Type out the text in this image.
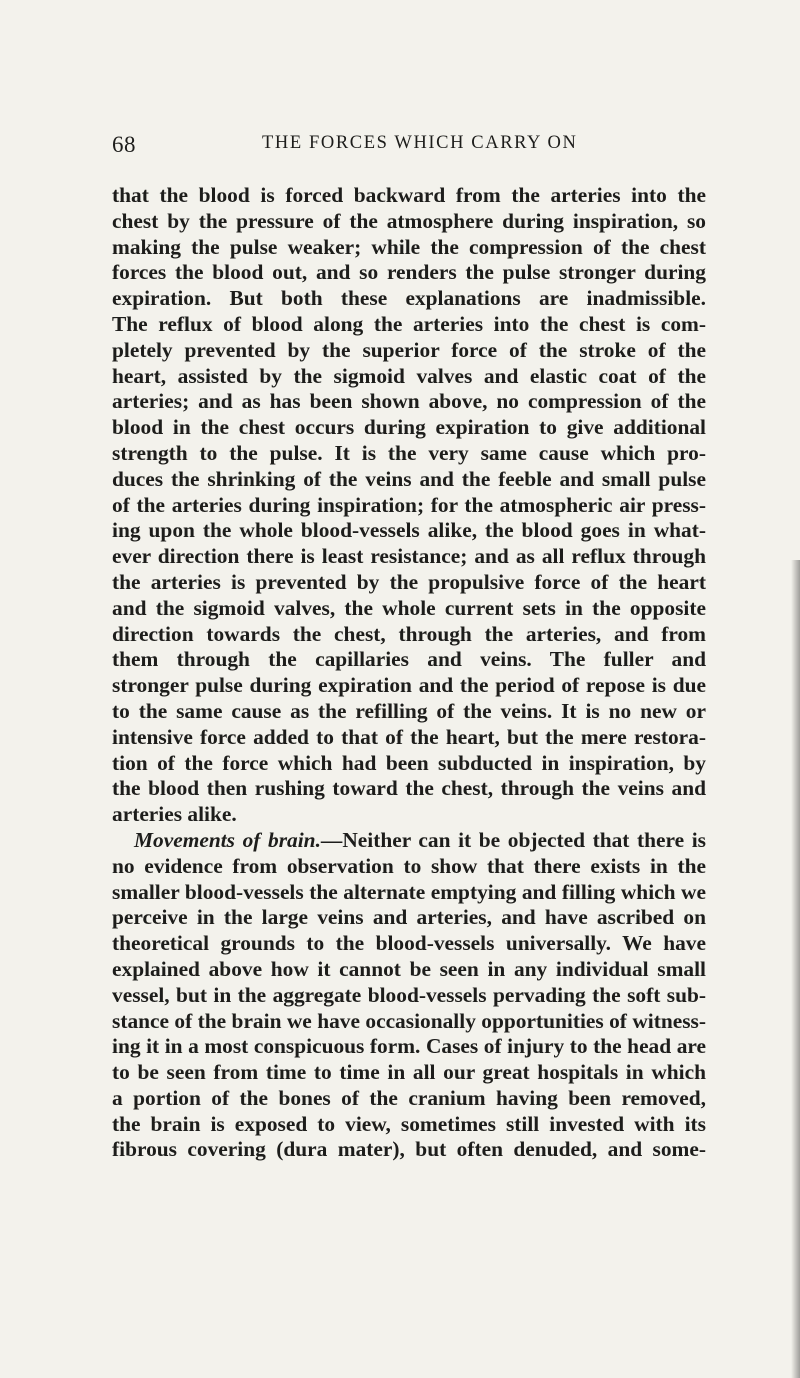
68	THE FORCES WHICH CARRY ON
that the blood is forced backward from the arteries into the
chest by the pressure of the atmosphere during inspiration, so
making the pulse weaker; while the compression of the chest
forces the blood out, and so renders the pulse stronger during
expiration. But both these explanations are inadmissible.
The reflux of blood along the arteries into the chest is com-
pletely prevented by the superior force of the stroke of the
heart, assisted by the sigmoid valves and elastic coat of the
arteries; and as has been shown above, no compression of the
blood in the chest occurs during expiration to give additional
strength to the pulse. It is the very same cause which pro-
duces the shrinking of the veins and the feeble and small pulse
of the arteries during inspiration; for the atmospheric air press-
ing upon the whole blood-vessels alike, the blood goes in what-
ever direction there is least resistance; and as all reflux through
the arteries is prevented by the propulsive force of the heart
and the sigmoid valves, the whole current sets in the opposite
direction towards the chest, through the arteries, and from
them through the capillaries and veins. The fuller and
stronger pulse during expiration and the period of repose is due
to the same cause as the refilling of the veins. It is no new or
intensive force added to that of the heart, but the mere restora-
tion of the force which had been subducted in inspiration, by
the blood then rushing toward the chest, through the veins and
arteries alike.
Movements of brain.—Neither can it be objected that there is
no evidence from observation to show that there exists in the
smaller blood-vessels the alternate emptying and filling which we
perceive in the large veins and arteries, and have ascribed on
theoretical grounds to the blood-vessels universally. We have
explained above how it cannot be seen in any individual small
vessel, but in the aggregate blood-vessels pervading the soft sub-
stance of the brain we have occasionally opportunities of witness-
ing it in a most conspicuous form. Cases of injury to the head are
to be seen from time to time in all our great hospitals in which
a portion of the bones of the cranium having been removed,
the brain is exposed to view, sometimes still invested with its
fibrous covering (dura mater), but often denuded, and some-
